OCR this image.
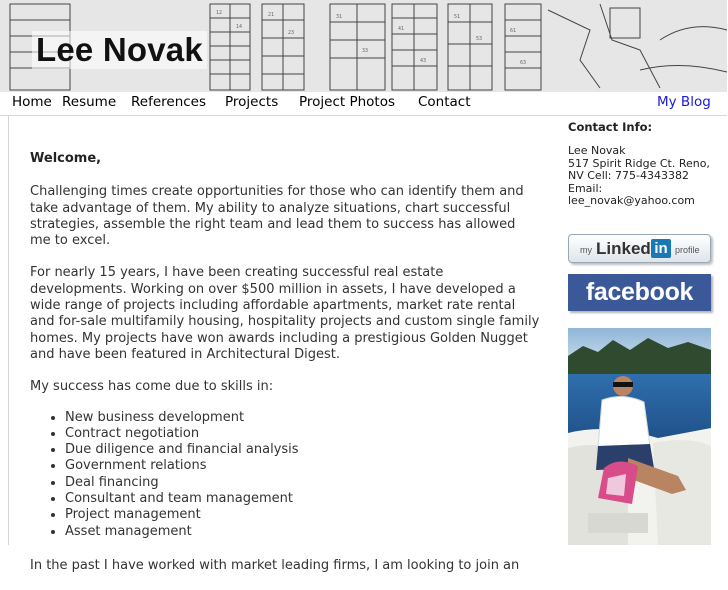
12
14
21
23
31
33
41
43
51
53
61
63
Lee Novak
Home Resume References Projects Project Photos Contact	My Blog
Welcome,

Challenging times create opportunities for those who can identify them and take advantage of them. My ability to analyze situations, chart successful strategies, assemble the right team and lead them to success has allowed me to excel.

For nearly 15 years, I have been creating successful real estate developments. Working on over $500 million in assets, I have developed a wide range of projects including affordable apartments, market rate rental and for-sale multifamily housing, hospitality projects and custom single family homes. My projects have won awards including a prestigious Golden Nugget and have been featured in Architectural Digest.

My success has come due to skills in:

• New business development
• Contract negotiation
• Due diligence and financial analysis
• Government relations
• Deal financing
• Consultant and team management
• Project management
• Asset management

In the past I have worked with market leading firms, I am looking to join an

Contact Info:
Lee Novak
517 Spirit Ridge Ct. Reno, NV Cell: 775-4343382
Email:
lee_novak@yahoo.com
my Linked in profile
facebook
